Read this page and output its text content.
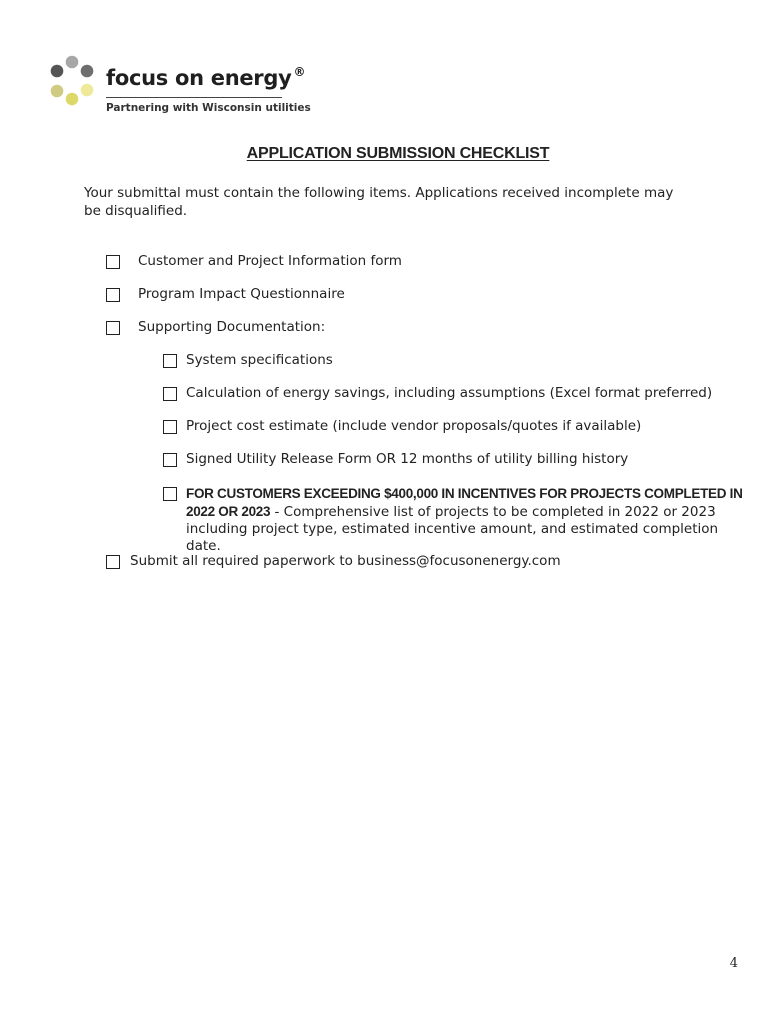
focus on energy ®
Partnering with Wisconsin utilities
APPLICATION SUBMISSION CHECKLIST
Your submittal must contain the following items. Applications received incomplete may be disqualified.
Customer and Project Information form
Program Impact Questionnaire
Supporting Documentation:
System specifications
Calculation of energy savings, including assumptions (Excel format preferred)
Project cost estimate (include vendor proposals/quotes if available)
Signed Utility Release Form OR 12 months of utility billing history
FOR CUSTOMERS EXCEEDING $400,000 IN INCENTIVES FOR PROJECTS COMPLETED IN 2022 OR 2023 - Comprehensive list of projects to be completed in 2022 or 2023 including project type, estimated incentive amount, and estimated completion date.
Submit all required paperwork to business@focusonenergy.com
4
